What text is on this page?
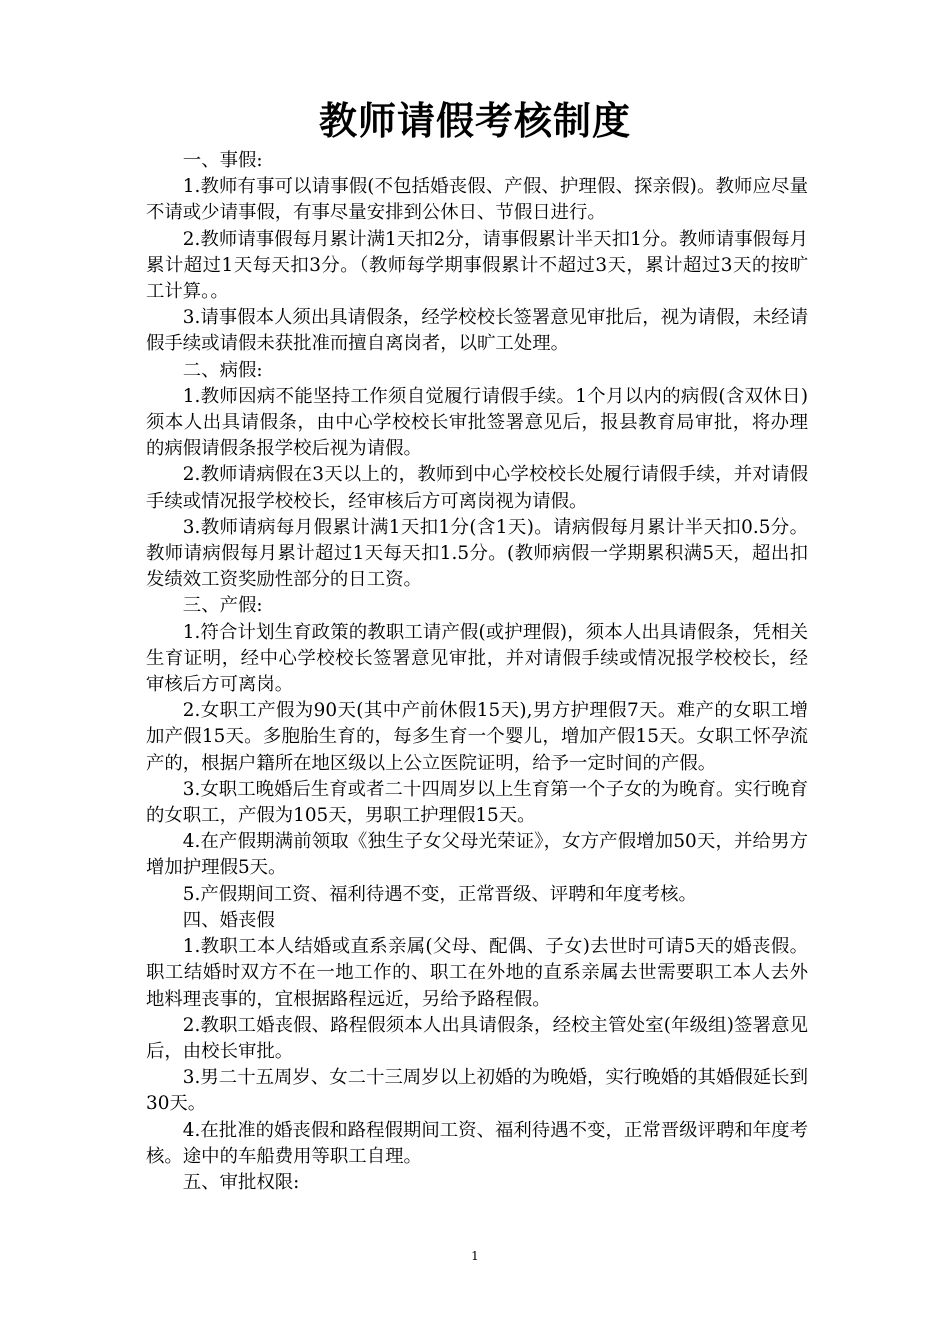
教师请假考核制度

一、事假:

1.教师有事可以请事假(不包括婚丧假、产假、护理假、探亲假)。教师应尽量不请或少请事假，有事尽量安排到公休日、节假日进行。

2.教师请事假每月累计满1天扣2分，请事假累计半天扣1分。教师请事假每月累计超过1天每天扣3分。（教师每学期事假累计不超过3天，累计超过3天的按旷工计算。。

3.请事假本人须出具请假条，经学校校长签署意见审批后，视为请假，未经请假手续或请假未获批准而擅自离岗者，以旷工处理。

二、病假:

1.教师因病不能坚持工作须自觉履行请假手续。1个月以内的病假(含双休日)须本人出具请假条，由中心学校校长审批签署意见后，报县教育局审批，将办理的病假请假条报学校后视为请假。

2.教师请病假在3天以上的，教师到中心学校校长处履行请假手续，并对请假手续或情况报学校校长，经审核后方可离岗视为请假。

3.教师请病每月假累计满1天扣1分(含1天)。请病假每月累计半天扣0.5分。教师请病假每月累计超过1天每天扣1.5分。(教师病假一学期累积满5天，超出扣发绩效工资奖励性部分的日工资。

三、产假:

1.符合计划生育政策的教职工请产假(或护理假)，须本人出具请假条，凭相关生育证明，经中心学校校长签署意见审批，并对请假手续或情况报学校校长，经审核后方可离岗。

2.女职工产假为90天(其中产前休假15天),男方护理假7天。难产的女职工增加产假15天。多胞胎生育的，每多生育一个婴儿，增加产假15天。女职工怀孕流产的，根据户籍所在地区级以上公立医院证明，给予一定时间的产假。

3.女职工晚婚后生育或者二十四周岁以上生育第一个子女的为晚育。实行晚育的女职工，产假为105天，男职工护理假15天。

4.在产假期满前领取《独生子女父母光荣证》，女方产假增加50天，并给男方增加护理假5天。

5.产假期间工资、福利待遇不变，正常晋级、评聘和年度考核。

四、婚丧假

1.教职工本人结婚或直系亲属(父母、配偶、子女)去世时可请5天的婚丧假。职工结婚时双方不在一地工作的、职工在外地的直系亲属去世需要职工本人去外地料理丧事的，宜根据路程远近，另给予路程假。

2.教职工婚丧假、路程假须本人出具请假条，经校主管处室(年级组)签署意见后，由校长审批。

3.男二十五周岁、女二十三周岁以上初婚的为晚婚，实行晚婚的其婚假延长到30天。

4.在批准的婚丧假和路程假期间工资、福利待遇不变，正常晋级评聘和年度考核。途中的车船费用等职工自理。

五、审批权限:

1
